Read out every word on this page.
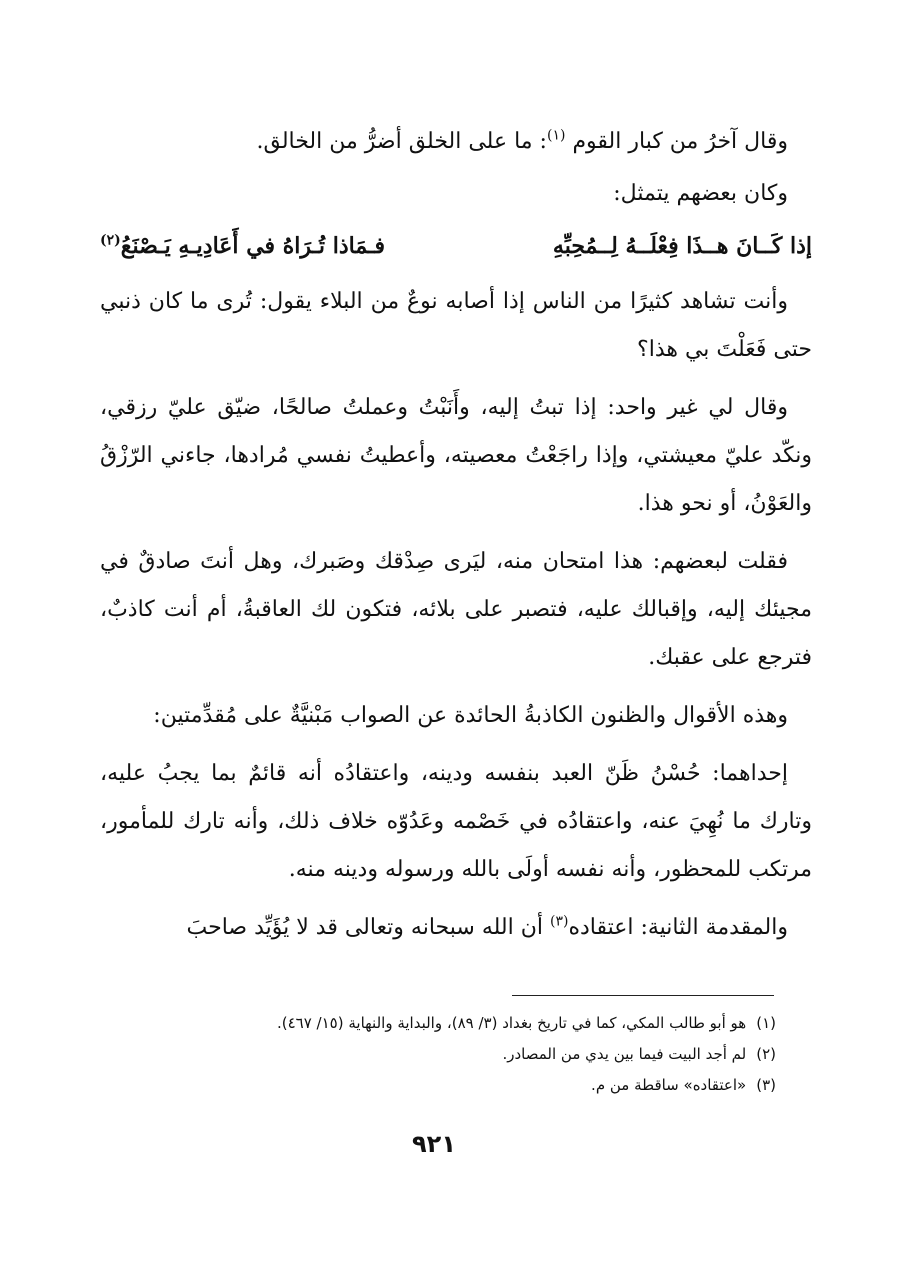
وقال آخرُ من كبار القوم $^{(١)}$: ما على الخلق أضرُّ من الخالق.

وكان بعضهم يتمثل:

إذا كَــانَ هــذَا فِعْلَــهُ لِــمُحِبِّهِ
فـمَاذا تُـرَاهُ في أَعَادِيـهِ يَـصْنَعُ$^{(٢)}$

وأنت تشاهد كثيرًا من الناس إذا أصابه نوعٌ من البلاء يقول: تُرى ما كان ذنبي حتى فَعَلْتَ بي هذا؟

وقال لي غير واحد: إذا تبتُ إليه، وأَنَبْتُ وعملتُ صالحًا، ضيّق عليّ رزقي، ونكّد عليّ معيشتي، وإذا راجَعْتُ معصيته، وأعطيتُ نفسي مُرادها، جاءني الرّزْقُ والعَوْنُ، أو نحو هذا.

فقلت لبعضهم: هذا امتحان منه، ليَرى صِدْقك وصَبرك، وهل أنتَ صادقٌ في مجيئك إليه، وإقبالك عليه، فتصبر على بلائه، فتكون لك العاقبةُ، أم أنت كاذبٌ، فترجع على عقبك.

وهذه الأقوال والظنون الكاذبةُ الحائدة عن الصواب مَبْنيَّةٌ على مُقدِّمتين:

إحداهما: حُسْنُ ظَنّ العبد بنفسه ودينه، واعتقادُه أنه قائمٌ بما يجبُ عليه، وتارك ما نُهِيَ عنه، واعتقادُه في خَصْمه وعَدُوّه خلاف ذلك، وأنه تارك للمأمور، مرتكب للمحظور، وأنه نفسه أولَى بالله ورسوله ودينه منه.

والمقدمة الثانية: اعتقاده$^{(٣)}$ أن الله سبحانه وتعالى قد لا يُؤَيِّد صاحبَ

(١)هو أبو طالب المكي، كما في تاريخ بغداد (٣/ ٨٩)، والبداية والنهاية (١٥/ ٤٦٧).
(٢)لم أجد البيت فيما بين يدي من المصادر.
(٣)«اعتقاده» ساقطة من م.
٩٢١
